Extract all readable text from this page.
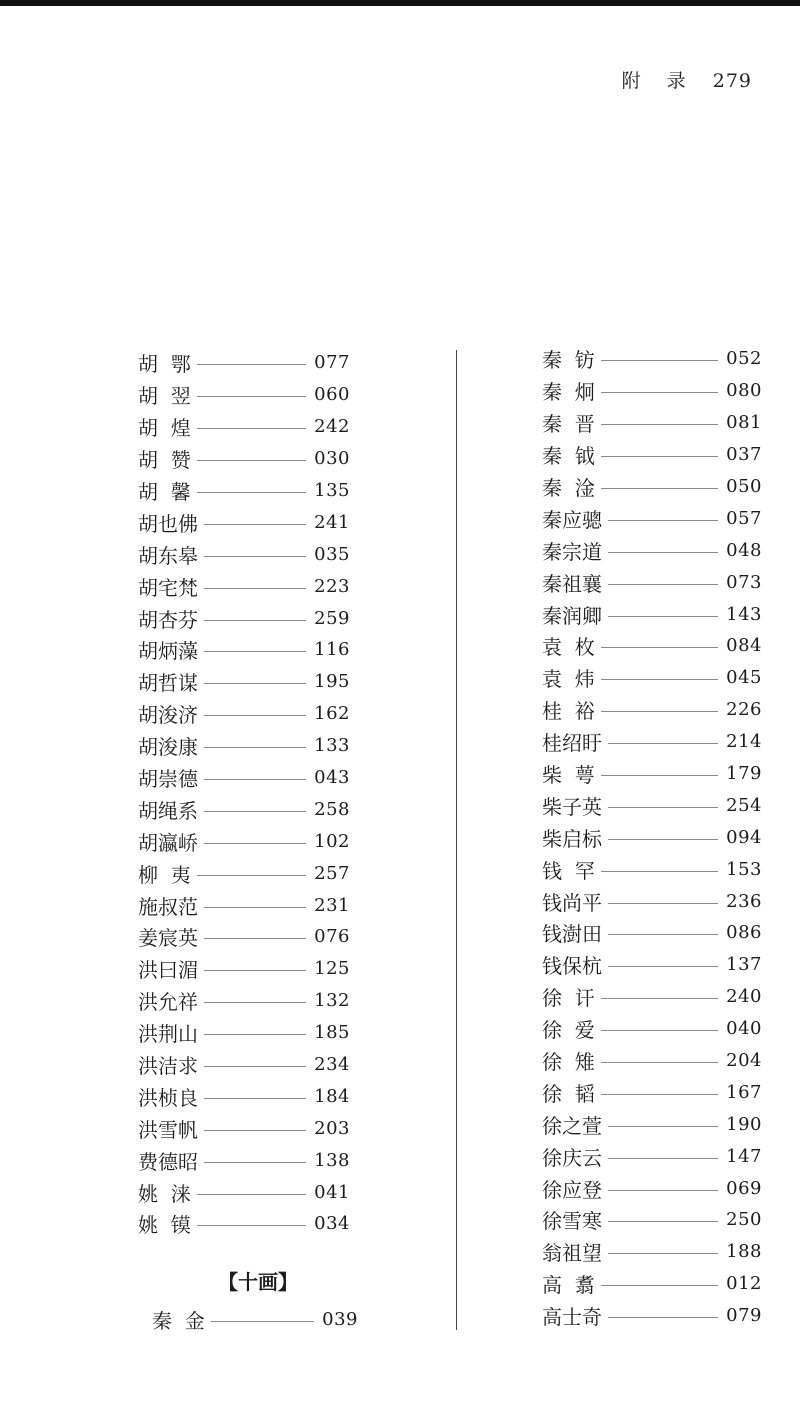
附 录 279
胡  鄂	077
胡  翌	060
胡  煌	242
胡  赞	030
胡  馨	135
胡也佛	241
胡东皋	035
胡宅梵	223
胡杏芬	259
胡炳藻	116
胡哲谋	195
胡浚济	162
胡浚康	133
胡崇德	043
胡绳系	258
胡瀛峤	102
柳  夷	257
施叔范	231
姜宸英	076
洪曰湄	125
洪允祥	132
洪荆山	185
洪洁求	234
洪桢良	184
洪雪帆	203
费德昭	138
姚  涞	041
姚  镆	034
【十画】
秦  金	039
秦  钫	052
秦  炯	080
秦  晋	081
秦  钺	037
秦  淦	050
秦应骢	057
秦宗道	048
秦祖襄	073
秦润卿	143
袁  枚	084
袁  炜	045
桂  裕	226
桂绍盱	214
柴  萼	179
柴子英	254
柴启标	094
钱  罕	153
钱尚平	236
钱澍田	086
钱保杭	137
徐  讦	240
徐  爱	040
徐  雉	204
徐  韬	167
徐之萱	190
徐庆云	147
徐应登	069
徐雪寒	250
翁祖望	188
高  翥	012
高士奇	079
